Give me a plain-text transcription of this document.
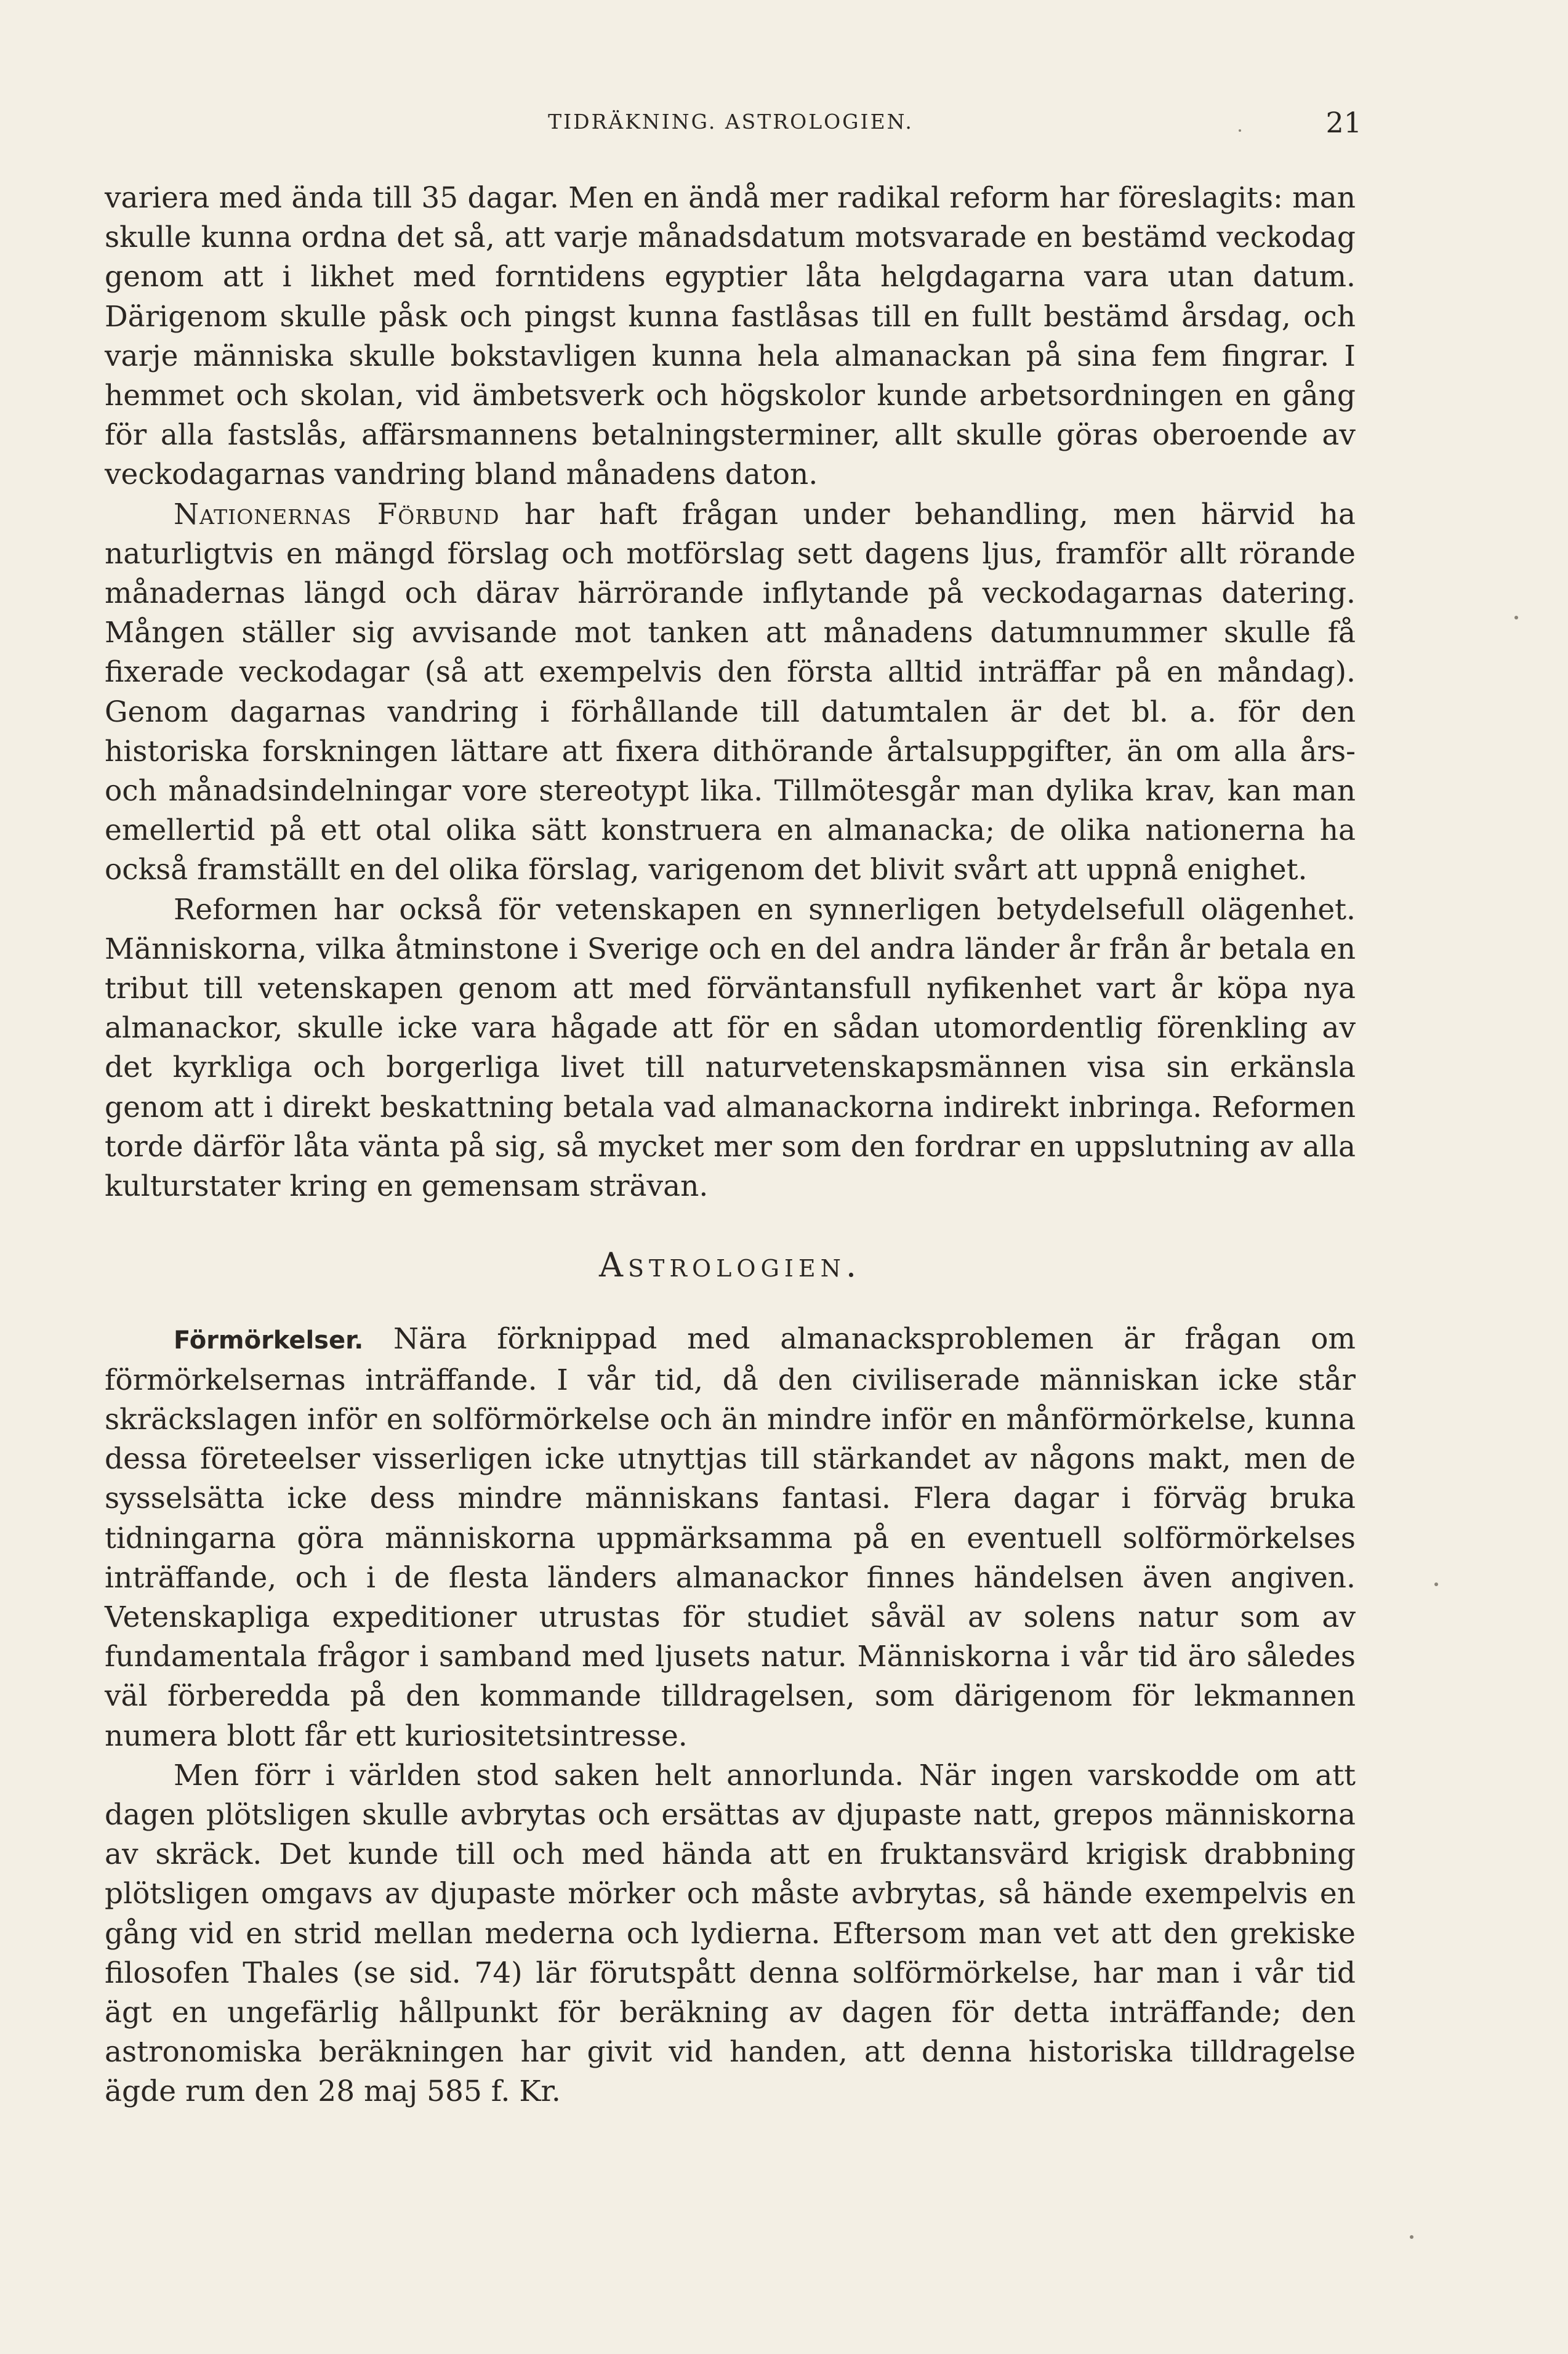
TIDRÄKNING. ASTROLOGIEN.	21

variera med ända till 35 dagar. Men en ändå mer radikal reform har föreslagits: man skulle kunna ordna det så, att varje månadsdatum motsvarade en bestämd veckodag genom att i likhet med forntidens egyptier låta helgdagarna vara utan datum. Därigenom skulle påsk och pingst kunna fastlåsas till en fullt bestämd årsdag, och varje människa skulle bokstavligen kunna hela almanackan på sina fem fingrar. I hemmet och skolan, vid ämbetsverk och högskolor kunde arbetsordningen en gång för alla fastslås, affärsmannens betalningsterminer, allt skulle göras oberoende av veckodagarnas vandring bland månadens daton.

Nationernas Förbund har haft frågan under behandling, men härvid ha naturligtvis en mängd förslag och motförslag sett dagens ljus, framför allt rörande månadernas längd och därav härrörande inflytande på veckodagarnas datering. Mången ställer sig avvisande mot tanken att månadens datumnummer skulle få fixerade veckodagar (så att exempelvis den första alltid inträffar på en måndag). Genom dagarnas vandring i förhållande till datumtalen är det bl. a. för den historiska forskningen lättare att fixera dithörande årtalsuppgifter, än om alla års- och månadsindelningar vore stereotypt lika. Tillmötesgår man dylika krav, kan man emellertid på ett otal olika sätt konstruera en almanacka; de olika nationerna ha också framställt en del olika förslag, varigenom det blivit svårt att uppnå enighet.

Reformen har också för vetenskapen en synnerligen betydelsefull olägenhet. Människorna, vilka åtminstone i Sverige och en del andra länder år från år betala en tribut till vetenskapen genom att med förväntansfull nyfikenhet vart år köpa nya almanackor, skulle icke vara hågade att för en sådan utomordentlig förenkling av det kyrkliga och borgerliga livet till naturvetenskapsmännen visa sin erkänsla genom att i direkt beskattning betala vad almanackorna indirekt inbringa. Reformen torde därför låta vänta på sig, så mycket mer som den fordrar en uppslutning av alla kulturstater kring en gemensam strävan.

Astrologien.

Förmörkelser. Nära förknippad med almanacksproblemen är frågan om förmörkelsernas inträffande. I vår tid, då den civiliserade människan icke står skräckslagen inför en solförmörkelse och än mindre inför en månförmörkelse, kunna dessa företeelser visserligen icke utnyttjas till stärkandet av någons makt, men de sysselsätta icke dess mindre människans fantasi. Flera dagar i förväg bruka tidningarna göra människorna uppmärksamma på en eventuell solförmörkelses inträffande, och i de flesta länders almanackor finnes händelsen även angiven. Vetenskapliga expeditioner utrustas för studiet såväl av solens natur som av fundamentala frågor i samband med ljusets natur. Människorna i vår tid äro således väl förberedda på den kommande tilldragelsen, som därigenom för lekmannen numera blott får ett kuriositetsintresse.

Men förr i världen stod saken helt annorlunda. När ingen varskodde om att dagen plötsligen skulle avbrytas och ersättas av djupaste natt, grepos människorna av skräck. Det kunde till och med hända att en fruktansvärd krigisk drabbning plötsligen omgavs av djupaste mörker och måste avbrytas, så hände exempelvis en gång vid en strid mellan mederna och lydierna. Eftersom man vet att den grekiske filosofen Thales (se sid. 74) lär förutspått denna solförmörkelse, har man i vår tid ägt en ungefärlig hållpunkt för beräkning av dagen för detta inträffande; den astronomiska beräkningen har givit vid handen, att denna historiska tilldragelse ägde rum den 28 maj 585 f. Kr.
